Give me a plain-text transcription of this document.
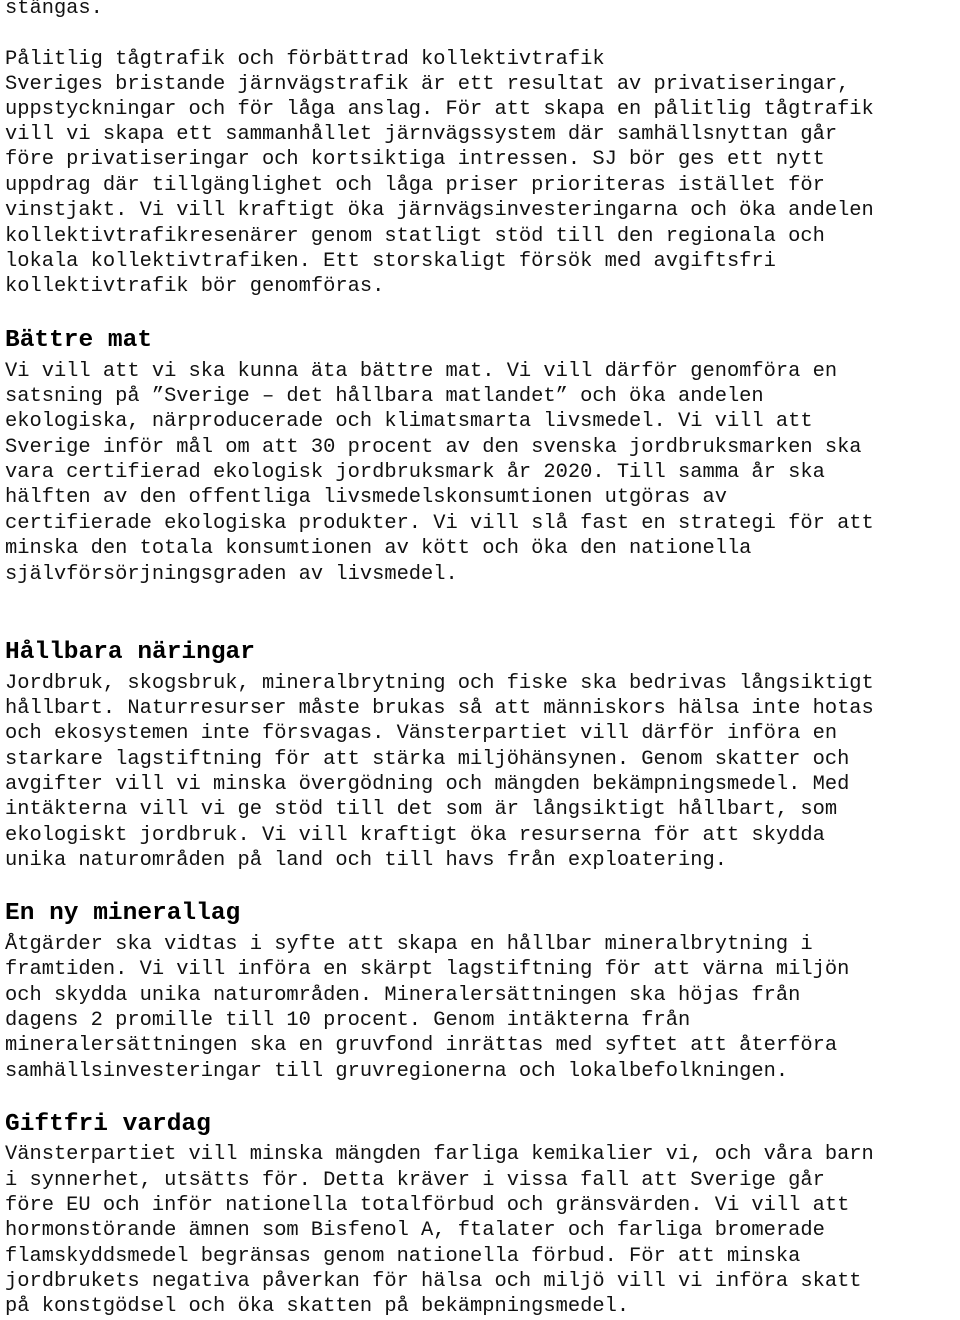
stängas.
Pålitlig tågtrafik och förbättrad kollektivtrafik
Sveriges bristande järnvägstrafik är ett resultat av privatiseringar,
uppstyckningar och för låga anslag. För att skapa en pålitlig tågtrafik
vill vi skapa ett sammanhållet järnvägssystem där samhällsnyttan går
före privatiseringar och kortsiktiga intressen. SJ bör ges ett nytt
uppdrag där tillgänglighet och låga priser prioriteras istället för
vinstjakt. Vi vill kraftigt öka järnvägsinvesteringarna och öka andelen
kollektivtrafikresenärer genom statligt stöd till den regionala och
lokala kollektivtrafiken. Ett storskaligt försök med avgiftsfri
kollektivtrafik bör genomföras.
Bättre mat
Vi vill att vi ska kunna äta bättre mat. Vi vill därför genomföra en
satsning på ”Sverige – det hållbara matlandet” och öka andelen
ekologiska, närproducerade och klimatsmarta livsmedel. Vi vill att
Sverige inför mål om att 30 procent av den svenska jordbruksmarken ska
vara certifierad ekologisk jordbruksmark år 2020. Till samma år ska
hälften av den offentliga livsmedelskonsumtionen utgöras av
certifierade ekologiska produkter. Vi vill slå fast en strategi för att
minska den totala konsumtionen av kött och öka den nationella
självförsörjningsgraden av livsmedel.
Hållbara näringar
Jordbruk, skogsbruk, mineralbrytning och fiske ska bedrivas långsiktigt
hållbart. Naturresurser måste brukas så att människors hälsa inte hotas
och ekosystemen inte försvagas. Vänsterpartiet vill därför införa en
starkare lagstiftning för att stärka miljöhänsynen. Genom skatter och
avgifter vill vi minska övergödning och mängden bekämpningsmedel. Med
intäkterna vill vi ge stöd till det som är långsiktigt hållbart, som
ekologiskt jordbruk. Vi vill kraftigt öka resurserna för att skydda
unika naturområden på land och till havs från exploatering.
En ny minerallag
Åtgärder ska vidtas i syfte att skapa en hållbar mineralbrytning i
framtiden. Vi vill införa en skärpt lagstiftning för att värna miljön
och skydda unika naturområden. Mineralersättningen ska höjas från
dagens 2 promille till 10 procent. Genom intäkterna från
mineralersättningen ska en gruvfond inrättas med syftet att återföra
samhällsinvesteringar till gruvregionerna och lokalbefolkningen.
Giftfri vardag
Vänsterpartiet vill minska mängden farliga kemikalier vi, och våra barn
i synnerhet, utsätts för. Detta kräver i vissa fall att Sverige går
före EU och inför nationella totalförbud och gränsvärden. Vi vill att
hormonstörande ämnen som Bisfenol A, ftalater och farliga bromerade
flamskyddsmedel begränsas genom nationella förbud. För att minska
jordbrukets negativa påverkan för hälsa och miljö vill vi införa skatt
på konstgödsel och öka skatten på bekämpningsmedel.
